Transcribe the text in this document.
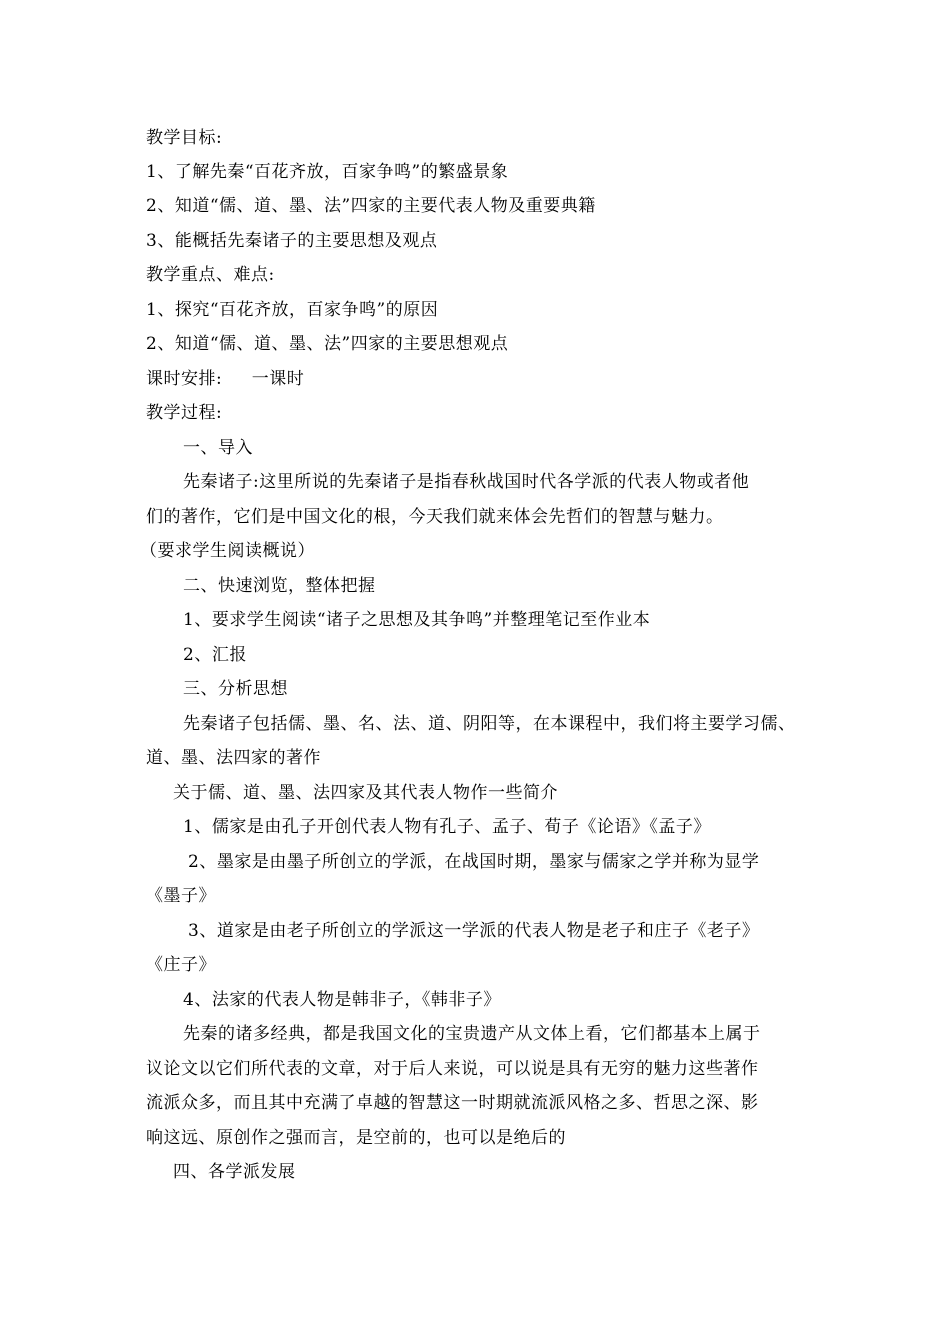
教学目标:
1、了解先秦“百花齐放，百家争鸣”的繁盛景象
2、知道“儒、道、墨、法”四家的主要代表人物及重要典籍
3、能概括先秦诸子的主要思想及观点
教学重点、难点:
1、探究“百花齐放，百家争鸣”的原因
2、知道“儒、道、墨、法”四家的主要思想观点
课时安排:     一课时
教学过程:
一、导入
先秦诸子:这里所说的先秦诸子是指春秋战国时代各学派的代表人物或者他
们的著作，它们是中国文化的根，今天我们就来体会先哲们的智慧与魅力。
（要求学生阅读概说）
二、快速浏览，整体把握
1、要求学生阅读“诸子之思想及其争鸣”并整理笔记至作业本
2、汇报
三、分析思想
先秦诸子包括儒、墨、名、法、道、阴阳等，在本课程中，我们将主要学习儒、
道、墨、法四家的著作
关于儒、道、墨、法四家及其代表人物作一些简介
1、儒家是由孔子开创代表人物有孔子、孟子、荀子《论语》《孟子》
2、墨家是由墨子所创立的学派，在战国时期，墨家与儒家之学并称为显学
《墨子》
3、道家是由老子所创立的学派这一学派的代表人物是老子和庄子《老子》
《庄子》
4、法家的代表人物是韩非子，《韩非子》
先秦的诸多经典，都是我国文化的宝贵遗产从文体上看，它们都基本上属于
议论文以它们所代表的文章，对于后人来说，可以说是具有无穷的魅力这些著作
流派众多，而且其中充满了卓越的智慧这一时期就流派风格之多、哲思之深、影
响这远、原创作之强而言，是空前的，也可以是绝后的
四、各学派发展
